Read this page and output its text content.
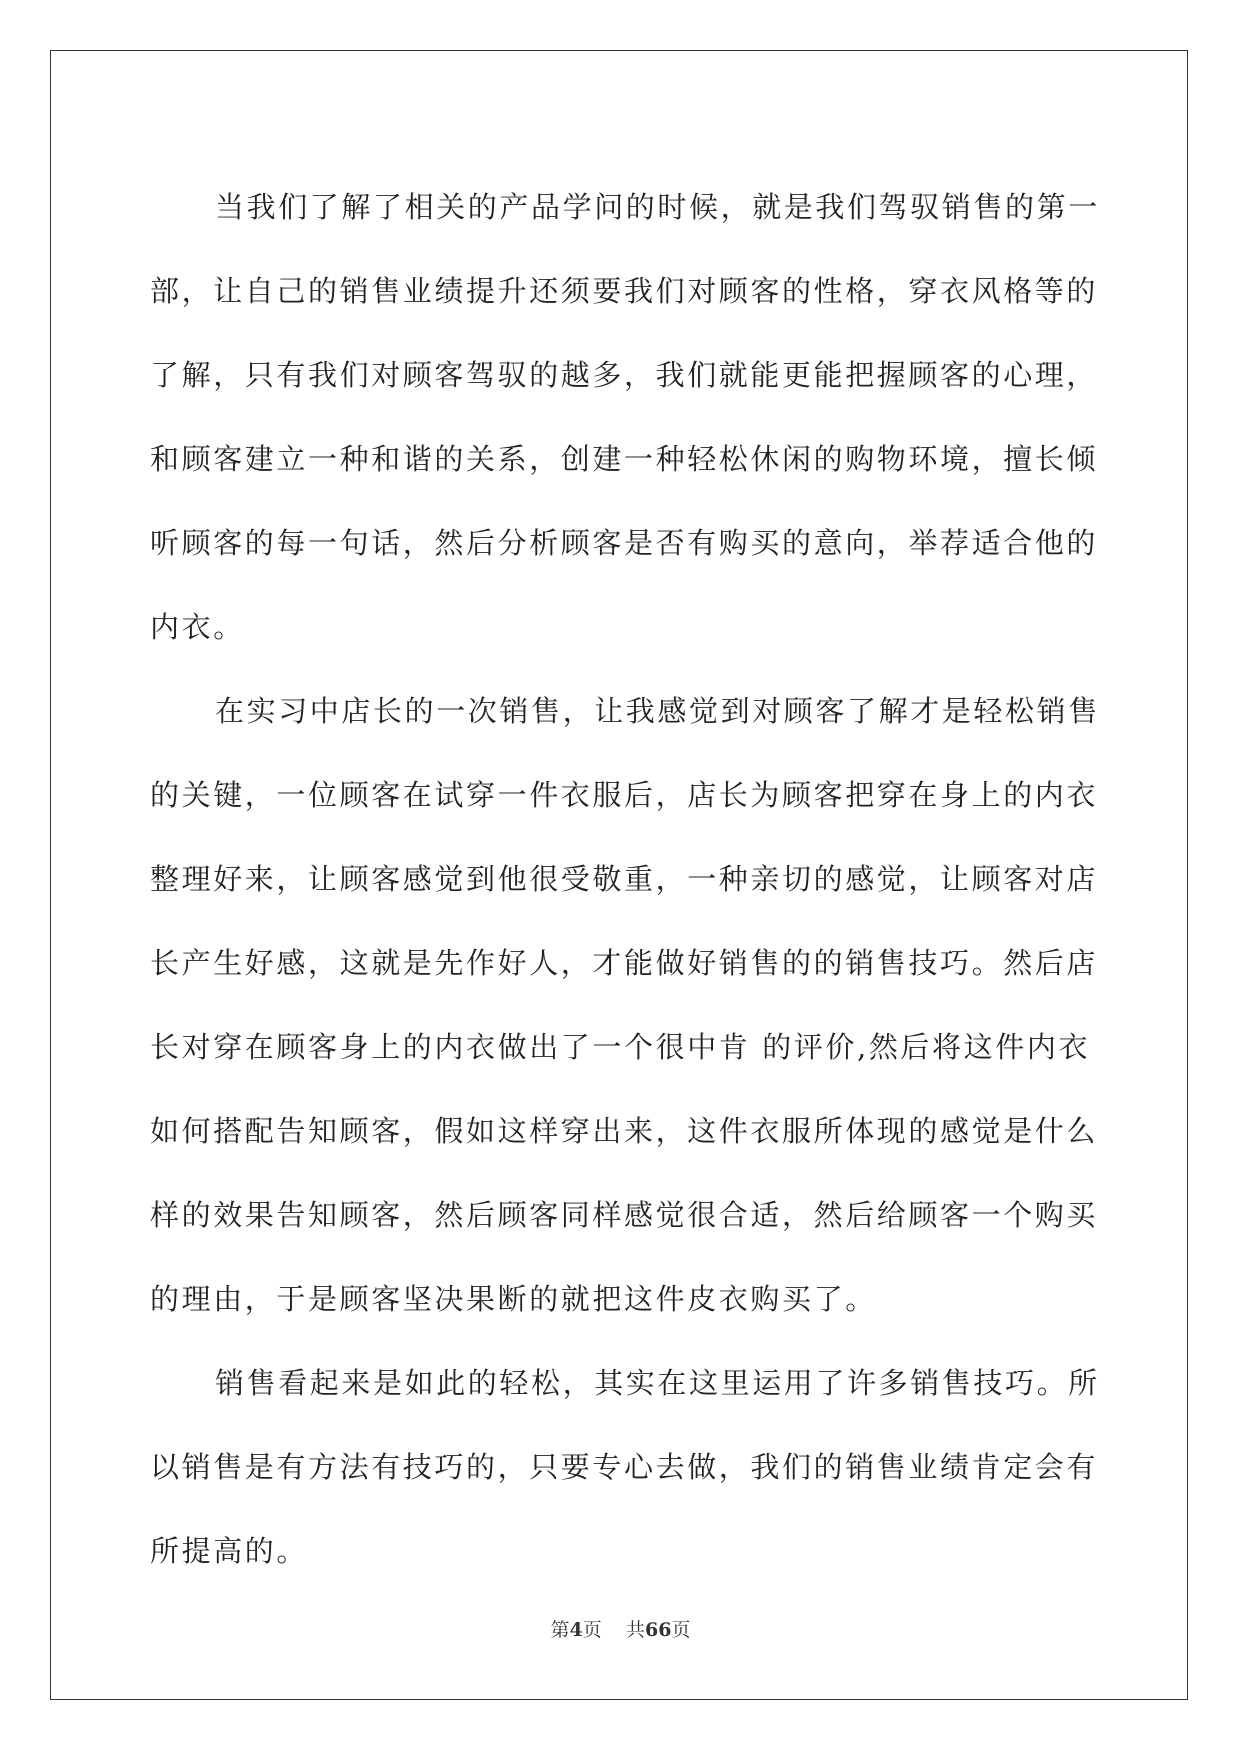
当我们了解了相关的产品学问的时候，就是我们驾驭销售的第一
部，让自己的销售业绩提升还须要我们对顾客的性格，穿衣风格等的
了解，只有我们对顾客驾驭的越多，我们就能更能把握顾客的心理，
和顾客建立一种和谐的关系，创建一种轻松休闲的购物环境，擅长倾
听顾客的每一句话，然后分析顾客是否有购买的意向，举荐适合他的
内衣。
在实习中店长的一次销售，让我感觉到对顾客了解才是轻松销售
的关键，一位顾客在试穿一件衣服后，店长为顾客把穿在身上的内衣
整理好来，让顾客感觉到他很受敬重，一种亲切的感觉，让顾客对店
长产生好感，这就是先作好人，才能做好销售的的销售技巧。然后店
长对穿在顾客身上的内衣做出了一个很中肯 的评价,然后将这件内衣
如何搭配告知顾客，假如这样穿出来，这件衣服所体现的感觉是什么
样的效果告知顾客，然后顾客同样感觉很合适，然后给顾客一个购买
的理由，于是顾客坚决果断的就把这件皮衣购买了。
销售看起来是如此的轻松，其实在这里运用了许多销售技巧。所
以销售是有方法有技巧的，只要专心去做，我们的销售业绩肯定会有
所提高的。
第4页 共66页
